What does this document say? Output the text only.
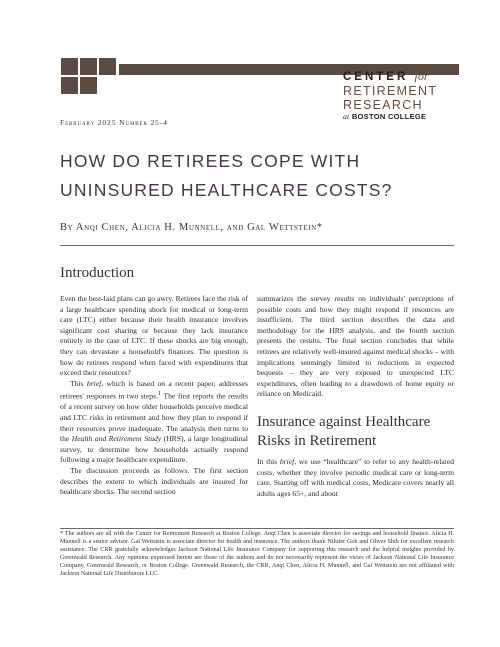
CENTER for
RETIREMENT
RESEARCH
at BOSTON COLLEGE
February 2025 Number 25-4
HOW DO RETIREES COPE WITH
UNINSURED HEALTHCARE COSTS?
By Anqi Chen, Alicia H. Munnell, and Gal Wettstein*
Introduction

Even the best-laid plans can go awry. Retirees face the risk of a large healthcare spending shock for medical or long-term care (LTC) either because their health insurance involves significant cost sharing or because they lack insurance entirely in the case of LTC. If these shocks are big enough, they can devastate a household's finances. The question is how do retirees respond when faced with expenditures that exceed their resources?

This brief, which is based on a recent paper, addresses retirees' responses in two steps.$^1$ The first reports the results of a recent survey on how older households perceive medical and LTC risks in retirement and how they plan to respond if their resources prove inadequate. The analysis then turns to the Health and Retirement Study (HRS), a large longitudinal survey, to determine how households actually respond following a major healthcare expenditure.

The discussion proceeds as follows. The first section describes the extent to which individuals are insured for healthcare shocks. The second section

summarizes the survey results on individuals' perceptions of possible costs and how they might respond if resources are insufficient. The third section describes the data and methodology for the HRS analysis, and the fourth section presents the results. The final section concludes that while retirees are relatively well-insured against medical shocks – with implications seemingly limited to reductions in expected bequests – they are very exposed to unexpected LTC expenditures, often leading to a drawdown of home equity or reliance on Medicaid.

Insurance against Healthcare Risks in Retirement

In this brief, we use “healthcare” to refer to any health-related costs, whether they involve periodic medical care or long-term care. Starting off with medical costs, Medicare covers nearly all adults ages 65+, and about

* The authors are all with the Center for Retirement Research at Boston College. Anqi Chen is associate director for savings and household finance. Alicia H. Munnell is a senior advisor. Gal Wettstein is associate director for health and insurance. The authors thank Nilufer Gok and Oliver Shih for excellent research assistance. The CRR gratefully acknowledges Jackson National Life Insurance Company for supporting this research and the helpful insights provided by Greenwald Research. Any opinions expressed herein are those of the authors and do not necessarily represent the views of Jackson National Life Insurance Company, Greenwald Research, or Boston College. Greenwald Research, the CRR, Anqi Chen, Alicia H. Munnell, and Gal Wettstein are not affiliated with Jackson National Life Distributors LLC.
